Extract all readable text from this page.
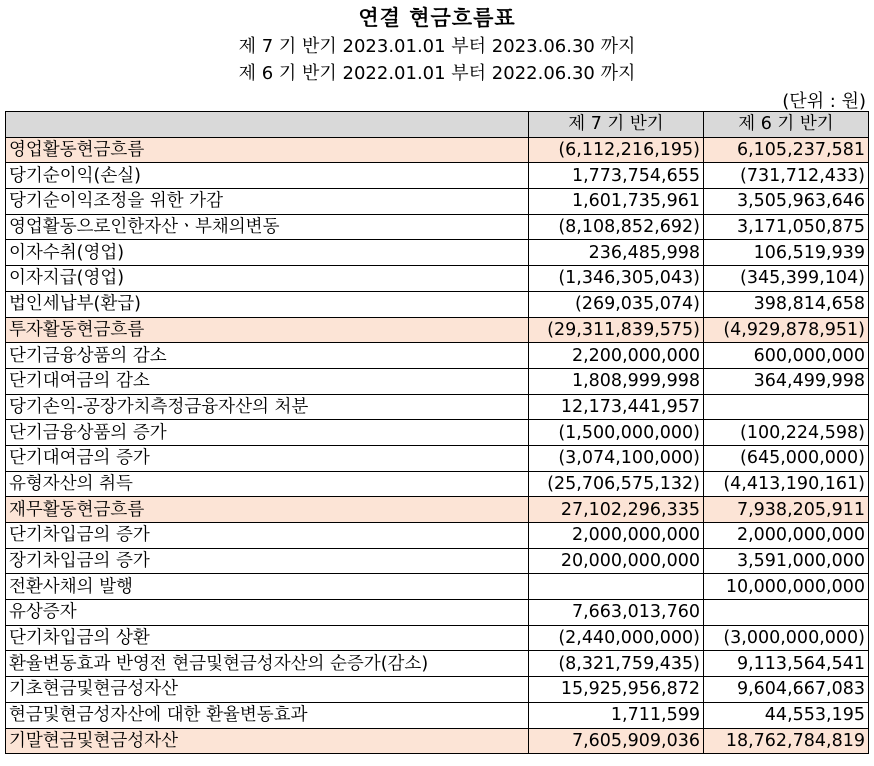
연결 현금흐름표
제 7 기 반기 2023.01.01 부터 2023.06.30 까지
제 6 기 반기 2022.01.01 부터 2022.06.30 까지
(단위 : 원)
	제 7 기 반기	제 6 기 반기
영업활동현금흐름	(6,112,216,195)	6,105,237,581
당기순이익(손실)	1,773,754,655	(731,712,433)
당기순이익조정을 위한 가감	1,601,735,961	3,505,963,646
영업활동으로인한자산ㆍ부채의변동	(8,108,852,692)	3,171,050,875
이자수취(영업)	236,485,998	106,519,939
이자지급(영업)	(1,346,305,043)	(345,399,104)
법인세납부(환급)	(269,035,074)	398,814,658
투자활동현금흐름	(29,311,839,575)	(4,929,878,951)
단기금융상품의 감소	2,200,000,000	600,000,000
단기대여금의 감소	1,808,999,998	364,499,998
당기손익-공장가치측정금융자산의 처분	12,173,441,957	
단기금융상품의 증가	(1,500,000,000)	(100,224,598)
단기대여금의 증가	(3,074,100,000)	(645,000,000)
유형자산의 취득	(25,706,575,132)	(4,413,190,161)
재무활동현금흐름	27,102,296,335	7,938,205,911
단기차입금의 증가	2,000,000,000	2,000,000,000
장기차입금의 증가	20,000,000,000	3,591,000,000
전환사채의 발행		10,000,000,000
유상증자	7,663,013,760	
단기차입금의 상환	(2,440,000,000)	(3,000,000,000)
환율변동효과 반영전 현금및현금성자산의 순증가(감소)	(8,321,759,435)	9,113,564,541
기초현금및현금성자산	15,925,956,872	9,604,667,083
현금및현금성자산에 대한 환율변동효과	1,711,599	44,553,195
기말현금및현금성자산	7,605,909,036	18,762,784,819
